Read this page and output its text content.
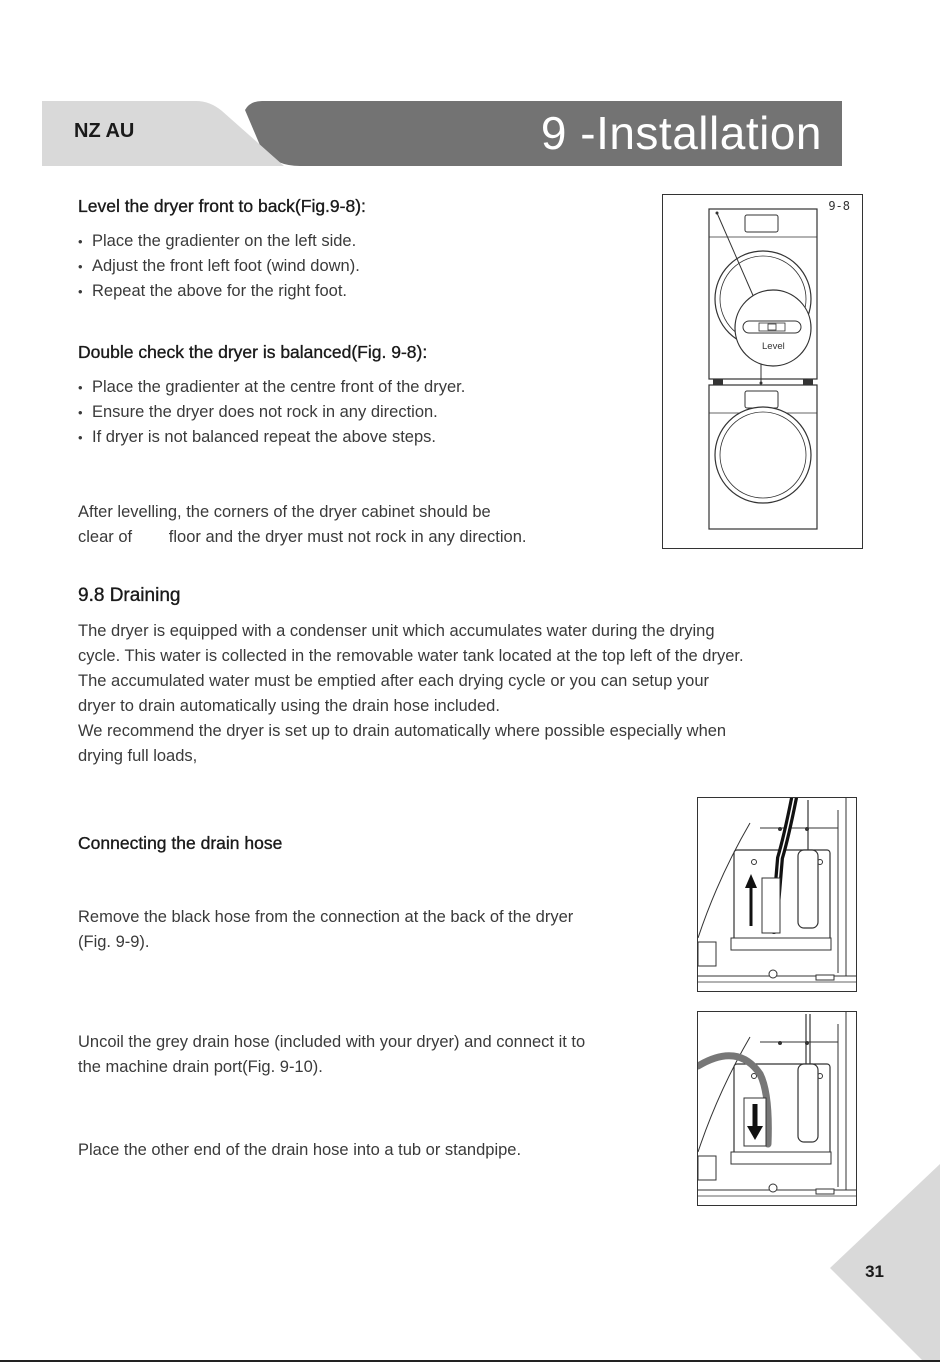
NZ AU	9 -Installation
Level the dryer front to back(Fig.9-8):
• Place the gradienter on the left side.
• Adjust the front left foot (wind down).
• Repeat the above for the right foot.
Double check the dryer is balanced(Fig. 9-8):
• Place the gradienter at the centre front of the dryer.
• Ensure the dryer does not rock in any direction.
• If dryer is not balanced repeat the above steps.

After levelling, the corners of the dryer cabinet should be

clear of        floor and the dryer must not rock in any direction.

9-8
Level
9.8 Draining

The dryer is equipped with a condenser unit which accumulates water during the drying

cycle. This water is collected in the removable water tank located at the top left of the dryer.

The accumulated water must be emptied after each drying cycle or you can setup your

dryer to drain automatically using the drain hose included.

We recommend the dryer is set up to drain automatically where possible especially when

drying full loads,

Connecting the drain hose

Remove the black hose from the connection at the back of the dryer

(Fig. 9-9).

Uncoil the grey drain hose (included with your dryer) and connect it to

the machine drain port(Fig. 9-10).

Place the other end of the drain hose into a tub or standpipe.

31
